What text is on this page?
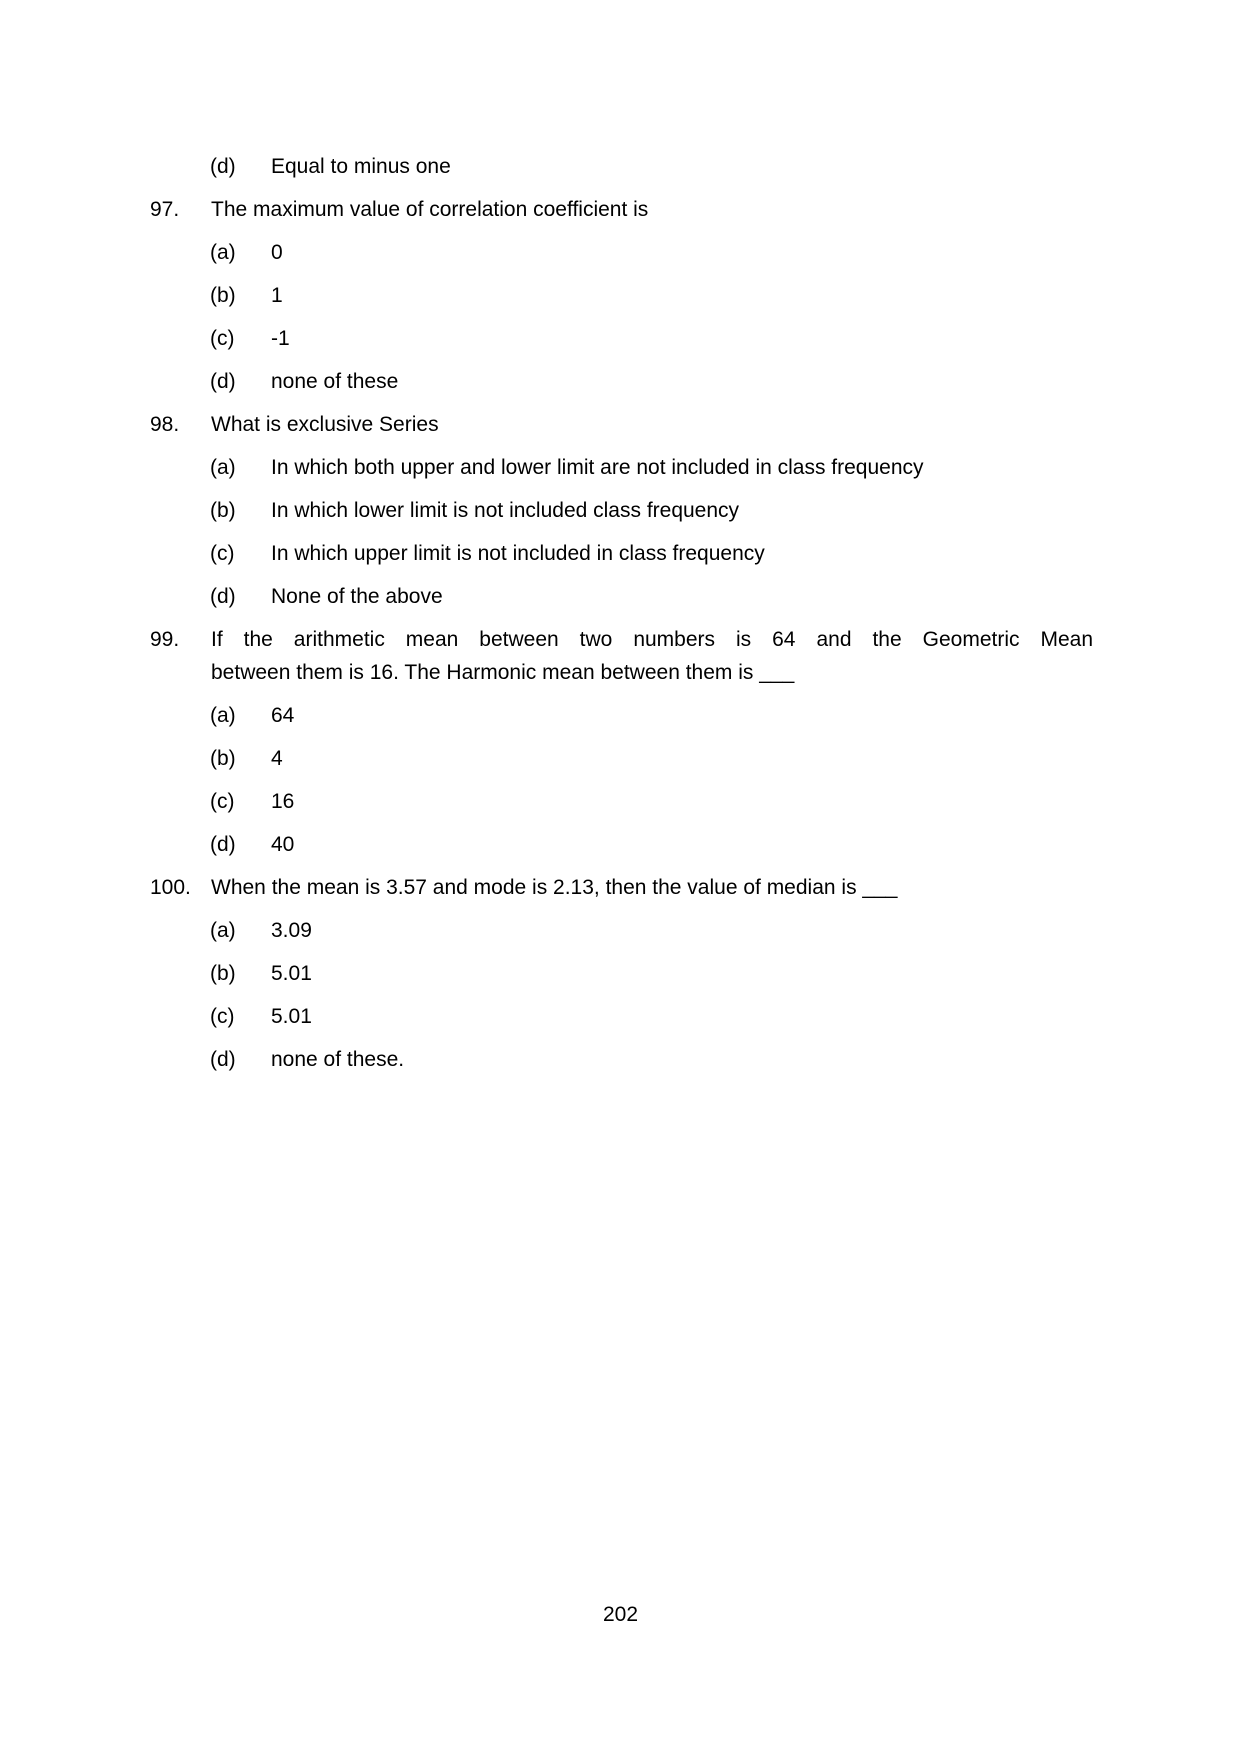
(d)	Equal to minus one
97.	The maximum value of correlation coefficient is
(a)	0
(b)	1
(c)	-1
(d)	none of these
98.	What is exclusive Series
(a)	In which both upper and lower limit are not included in class frequency
(b)	In which lower limit is not included class frequency
(c)	In which upper limit is not included in class frequency
(d)	None of the above
99.	If the arithmetic mean between two numbers is 64 and the Geometric Mean
between them is 16. The Harmonic mean between them is ___
(a)	64
(b)	4
(c)	16
(d)	40
100. When the mean is 3.57 and mode is 2.13, then the value of median is ___
(a)	3.09
(b)	5.01
(c)	5.01
(d)	none of these.
202
